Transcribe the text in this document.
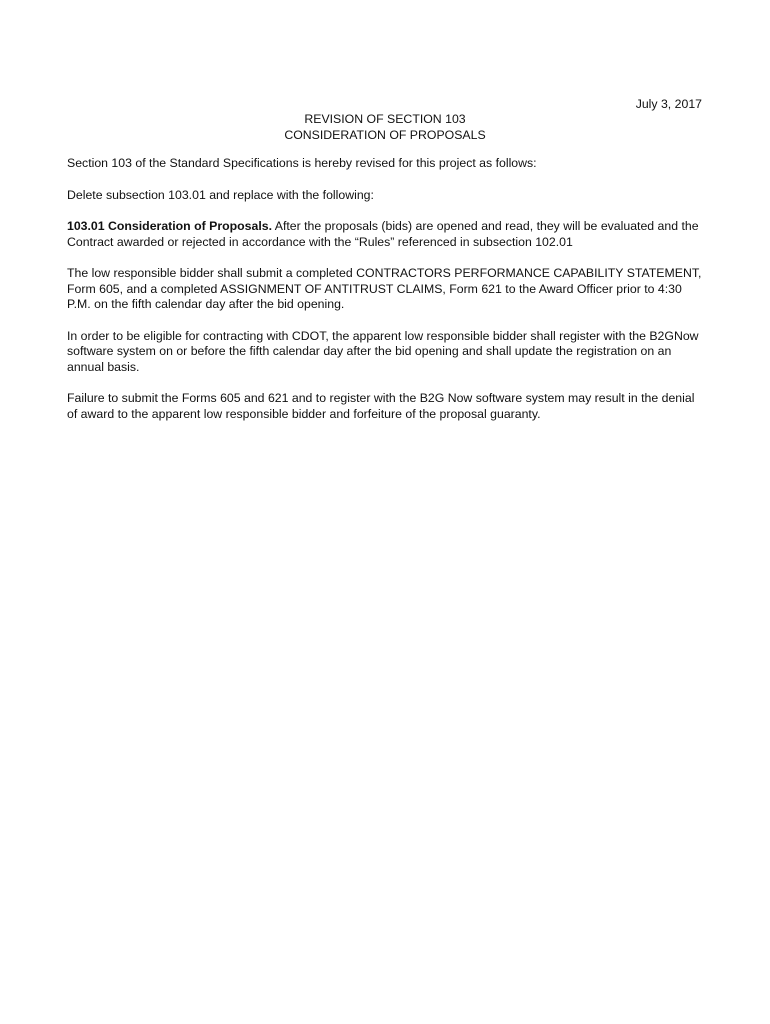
July 3, 2017
REVISION OF SECTION 103
CONSIDERATION OF PROPOSALS

Section 103 of the Standard Specifications is hereby revised for this project as follows:

Delete subsection 103.01 and replace with the following:

103.01 Consideration of Proposals. After the proposals (bids) are opened and read, they will be evaluated and the Contract awarded or rejected in accordance with the “Rules” referenced in subsection 102.01

The low responsible bidder shall submit a completed CONTRACTORS PERFORMANCE CAPABILITY STATEMENT, Form 605, and a completed ASSIGNMENT OF ANTITRUST CLAIMS, Form 621 to the Award Officer prior to 4:30 P.M. on the fifth calendar day after the bid opening.

In order to be eligible for contracting with CDOT, the apparent low responsible bidder shall register with the B2GNow software system on or before the fifth calendar day after the bid opening and shall update the registration on an annual basis.

Failure to submit the Forms 605 and 621 and to register with the B2G Now software system may result in the denial of award to the apparent low responsible bidder and forfeiture of the proposal guaranty.
